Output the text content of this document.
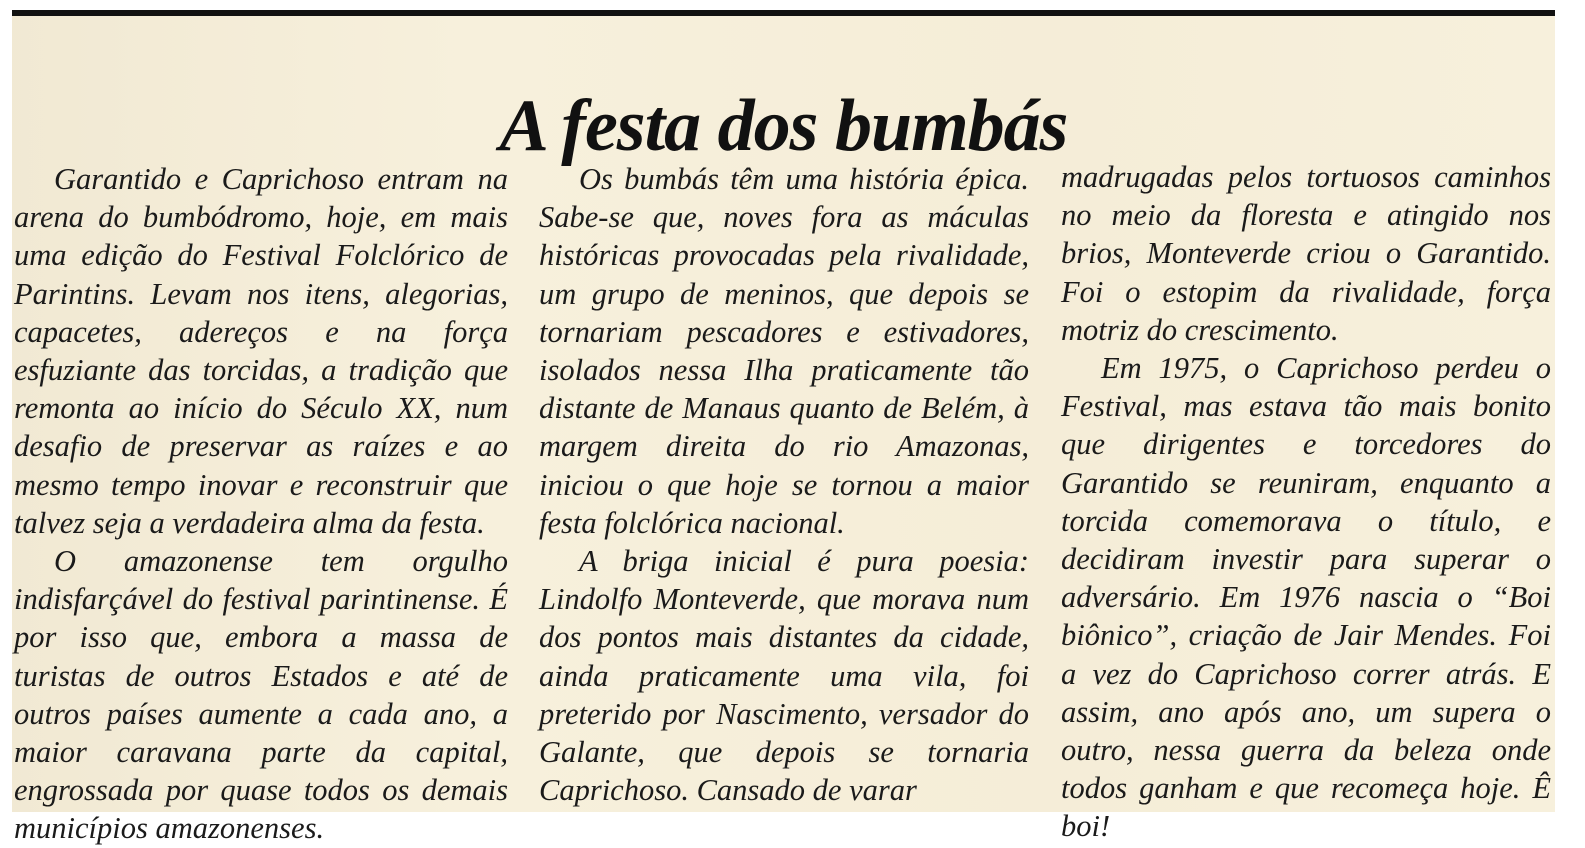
A festa dos bumbás

Garantido e Caprichoso entram na arena do bumbódromo, hoje, em mais uma edição do Festival Folclórico de Parintins. Levam nos itens, alegorias, capacetes, adereços e na força esfuziante das torcidas, a tradição que remonta ao início do Século XX, num desafio de preservar as raízes e ao mesmo tempo inovar e reconstruir que talvez seja a verdadeira alma da festa.

O amazonense tem orgulho indisfarçável do festival parintinense. É por isso que, embora a massa de turistas de outros Estados e até de outros países aumente a cada ano, a maior caravana parte da capital, engrossada por quase todos os demais municípios amazonenses.

Os bumbás têm uma história épica. Sabe-se que, noves fora as máculas históricas provocadas pela rivalidade, um grupo de meninos, que depois se tornariam pescadores e estivadores, isolados nessa Ilha praticamente tão distante de Manaus quanto de Belém, à margem direita do rio Amazonas, iniciou o que hoje se tornou a maior festa folclórica nacional.

A briga inicial é pura poesia: Lindolfo Monteverde, que morava num dos pontos mais distantes da cidade, ainda praticamente uma vila, foi preterido por Nascimento, versador do Galante, que depois se tornaria Caprichoso. Cansado de varar

madrugadas pelos tortuosos caminhos no meio da floresta e atingido nos brios, Monteverde criou o Garantido. Foi o estopim da rivalidade, força motriz do crescimento.

Em 1975, o Caprichoso perdeu o Festival, mas estava tão mais bonito que dirigentes e torcedores do Garantido se reuniram, enquanto a torcida comemorava o título, e decidiram investir para superar o adversário. Em 1976 nascia o “Boi biônico”, criação de Jair Mendes. Foi a vez do Caprichoso correr atrás. E assim, ano após ano, um supera o outro, nessa guerra da beleza onde todos ganham e que recomeça hoje. Ê boi!
